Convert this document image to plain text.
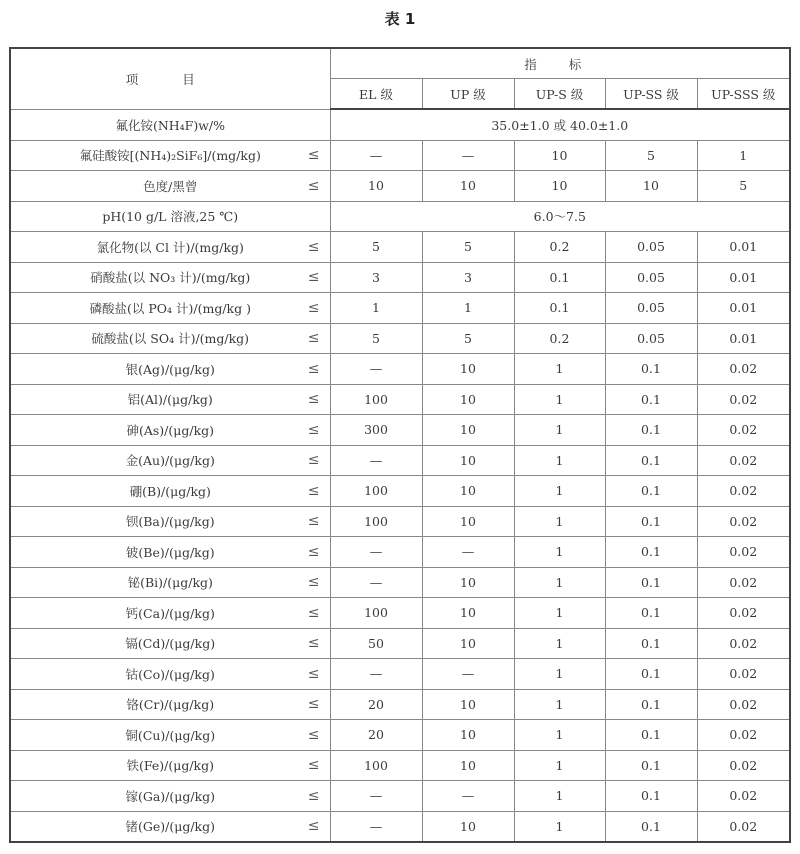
表 1
项 目	指 标				
	EL 级	UP 级	UP-S 级	UP-SS 级	UP-SSS 级
氟化铵(NH₄F)w/%	35.0±1.0 或 40.0±1.0				
氟硅酸铵[(NH₄)₂SiF₆]/(mg/kg) ≤	—	—	10	5	1
色度/黑曾 ≤	10	10	10	10	5
pH(10 g/L 溶液,25 ℃)	6.0～7.5				
氯化物(以 Cl 计)/(mg/kg) ≤	5	5	0.2	0.05	0.01
硝酸盐(以 NO₃ 计)/(mg/kg) ≤	3	3	0.1	0.05	0.01
磷酸盐(以 PO₄ 计)/(mg/kg ) ≤	1	1	0.1	0.05	0.01
硫酸盐(以 SO₄ 计)/(mg/kg) ≤	5	5	0.2	0.05	0.01
银(Ag)/(μg/kg) ≤	—	10	1	0.1	0.02
铝(Al)/(μg/kg) ≤	100	10	1	0.1	0.02
砷(As)/(μg/kg) ≤	300	10	1	0.1	0.02
金(Au)/(μg/kg) ≤	—	10	1	0.1	0.02
硼(B)/(μg/kg) ≤	100	10	1	0.1	0.02
钡(Ba)/(μg/kg) ≤	100	10	1	0.1	0.02
铍(Be)/(μg/kg) ≤	—	—	1	0.1	0.02
铋(Bi)/(μg/kg) ≤	—	10	1	0.1	0.02
钙(Ca)/(μg/kg) ≤	100	10	1	0.1	0.02
镉(Cd)/(μg/kg) ≤	50	10	1	0.1	0.02
钴(Co)/(μg/kg) ≤	—	—	1	0.1	0.02
铬(Cr)/(μg/kg) ≤	20	10	1	0.1	0.02
铜(Cu)/(μg/kg) ≤	20	10	1	0.1	0.02
铁(Fe)/(μg/kg) ≤	100	10	1	0.1	0.02
镓(Ga)/(μg/kg) ≤	—	—	1	0.1	0.02
锗(Ge)/(μg/kg) ≤	—	10	1	0.1	0.02
